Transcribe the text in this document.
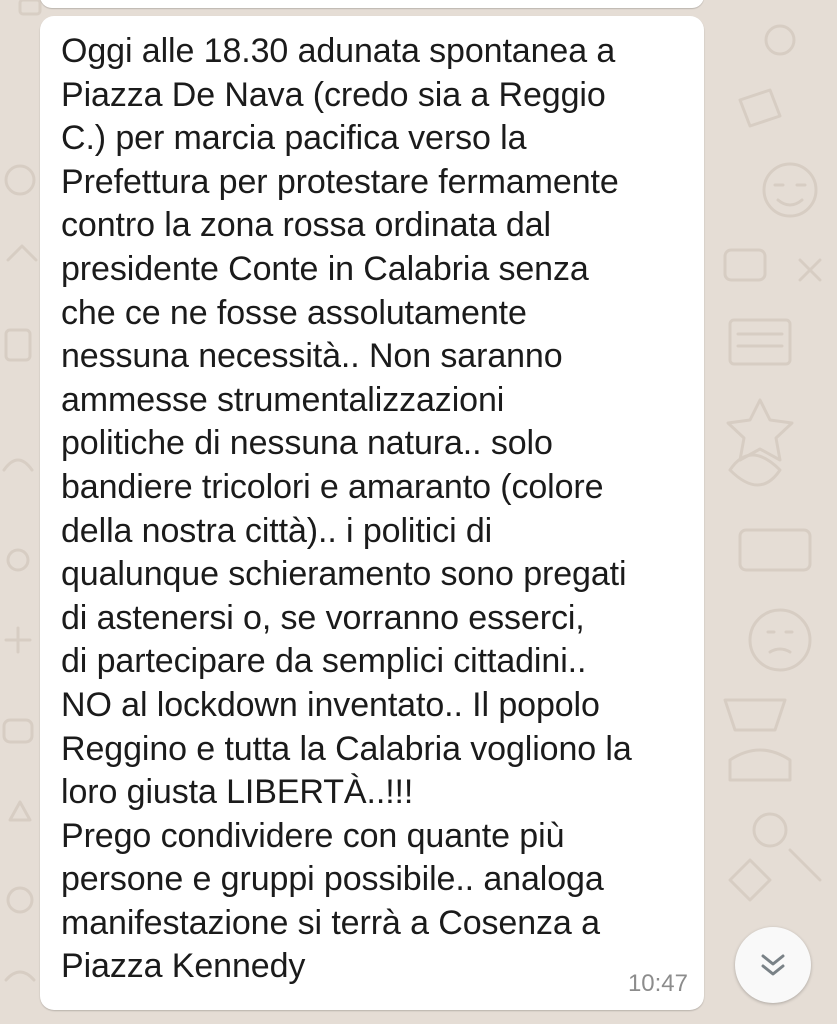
Oggi alle 18.30 adunata spontanea a
Piazza De Nava (credo sia a Reggio
C.) per marcia pacifica verso la
Prefettura per protestare fermamente
contro la zona rossa ordinata dal
presidente Conte in Calabria senza
che ce ne fosse assolutamente
nessuna necessità.. Non saranno
ammesse strumentalizzazioni
politiche di nessuna natura.. solo
bandiere tricolori e amaranto (colore
della nostra città).. i politici di
qualunque schieramento sono pregati
di astenersi o, se vorranno esserci,
di partecipare da semplici cittadini..
NO al lockdown inventato.. Il popolo
Reggino e tutta la Calabria vogliono la
loro giusta LIBERTÀ..!!!
Prego condividere con quante più
persone e gruppi possibile.. analoga
manifestazione si terrà a Cosenza a
Piazza Kennedy	10:47
